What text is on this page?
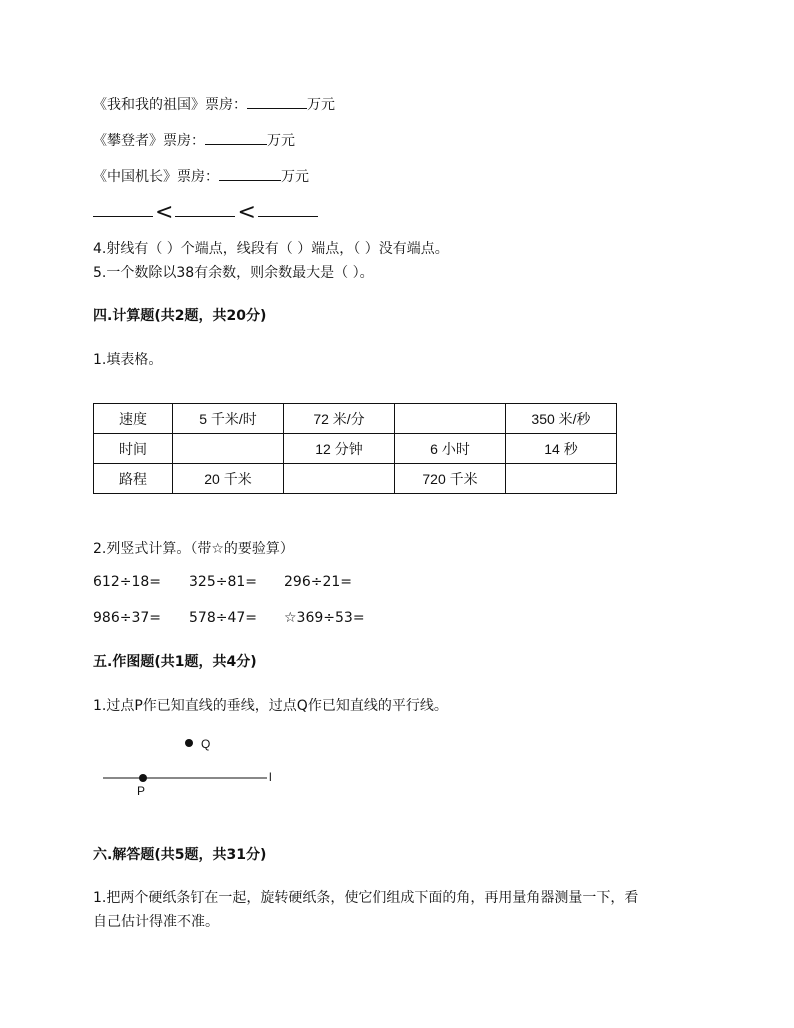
《我和我的祖国》票房：	万元
《攀登者》票房：	万元
《中国机长》票房：	万元
<	<
4.射线有（ ）个端点，线段有（ ）端点，（ ）没有端点。
5.一个数除以38有余数，则余数最大是（ ）。
四.计算题(共2题，共20分)
1.填表格。
速度	5 千米/时	72 米/分		350 米/秒
时间		12 分钟	6 小时	14 秒
路程	20 千米		720 千米	
2.列竖式计算。（带☆的要验算）
612÷18= 325÷81= 296÷21=
986÷37= 578÷47= ☆369÷53=
五.作图题(共1题，共4分)
1.过点P作已知直线的垂线，过点Q作已知直线的平行线。
Q
P
l
六.解答题(共5题，共31分)
1.把两个硬纸条钉在一起，旋转硬纸条，使它们组成下面的角，再用量角器测量一下，看
自己估计得准不准。
